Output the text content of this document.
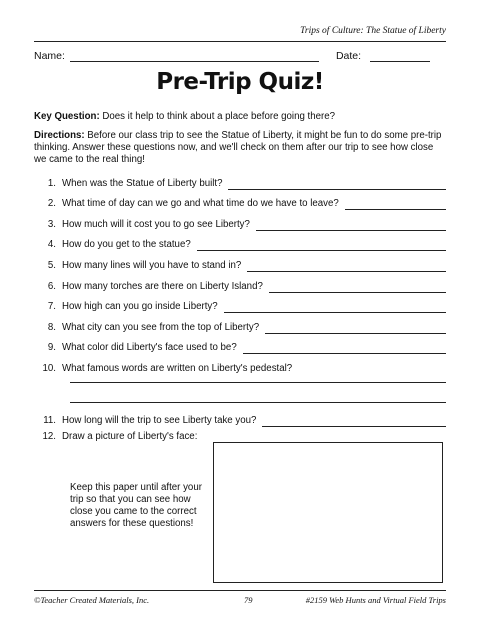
Trips of Culture: The Statue of Liberty
Name:	Date:
Pre-Trip Quiz!
Key Question: Does it help to think about a place before going there?
Directions: Before our class trip to see the Statue of Liberty, it might be fun to do some pre-trip thinking. Answer these questions now, and we'll check on them after our trip to see how close we came to the real thing!
1. When was the Statue of Liberty built?
2. What time of day can we go and what time do we have to leave?
3. How much will it cost you to go see Liberty?
4. How do you get to the statue?
5. How many lines will you have to stand in?
6. How many torches are there on Liberty Island?
7. How high can you go inside Liberty?
8. What city can you see from the top of Liberty?
9. What color did Liberty's face used to be?
10. What famous words are written on Liberty's pedestal?
11. How long will the trip to see Liberty take you?
12. Draw a picture of Liberty's face:
Keep this paper until after your trip so that you can see how close you came to the correct answers for these questions!
©Teacher Created Materials, Inc.	79	#2159 Web Hunts and Virtual Field Trips
